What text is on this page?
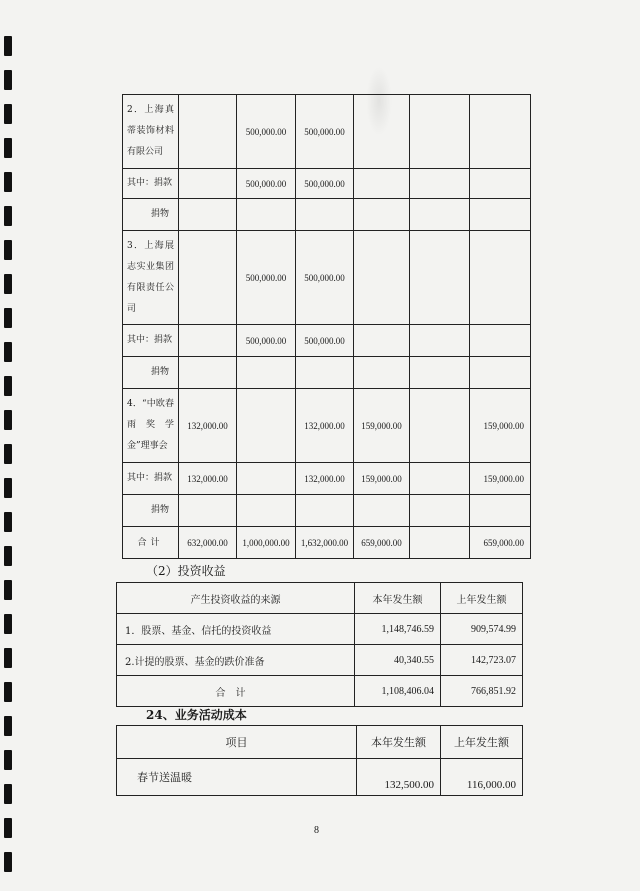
2．上海真蒂装饰材料有限公司		500,000.00	500,000.00			
其中：捐款		500,000.00	500,000.00			
捐物						
3．上海展志实业集团有限责任公司		500,000.00	500,000.00			
其中：捐款		500,000.00	500,000.00			
捐物						
4．“中欧春雨奖学金”理事会	132,000.00		132,000.00	159,000.00		159,000.00
其中：捐款	132,000.00		132,000.00	159,000.00		159,000.00
捐物						
合计	632,000.00	1,000,000.00	1,632,000.00	659,000.00		659,000.00
（2）投资收益
产生投资收益的来源	本年发生额	上年发生额
1．股票、基金、信托的投资收益	1,148,746.59	909,574.99
2.计提的股票、基金的跌价准备	40,340.55	142,723.07
合计	1,108,406.04	766,851.92
24、业务活动成本
项目	本年发生额	上年发生额
春节送温暖	132,500.00	116,000.00
8
